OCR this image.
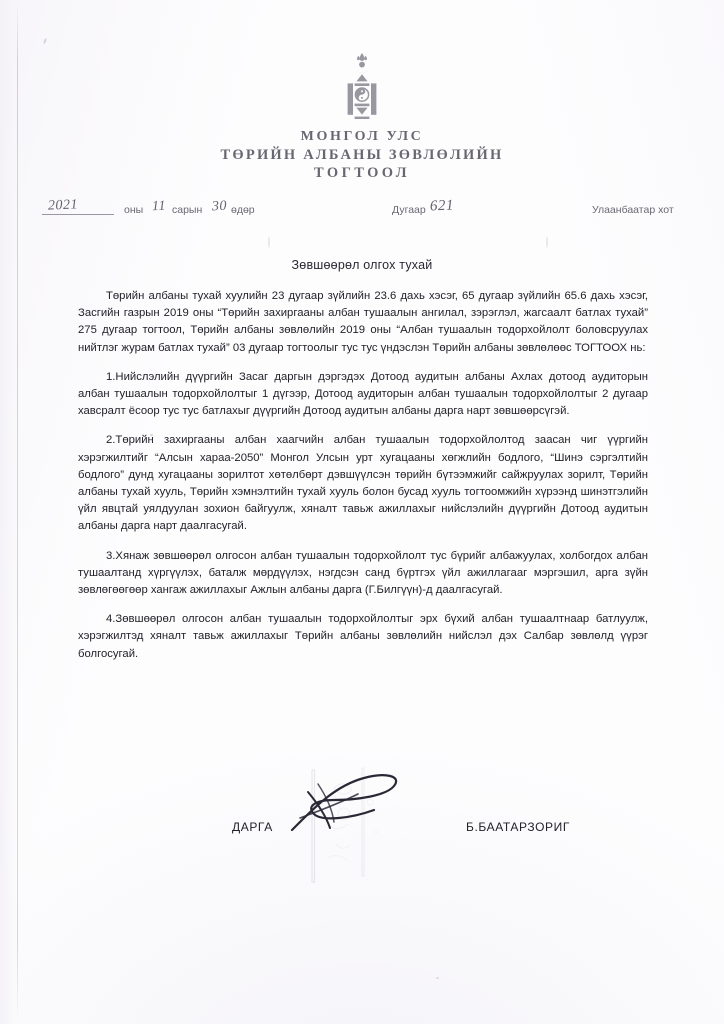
МОНГОЛ УЛС
ТӨРИЙН АЛБАНЫ ЗӨВЛӨЛИЙН
ТОГТООЛ
2021	оны 11 сарын 30 өдөр	Дугаар 621	Улаанбаатар хот
Зөвшөөрөл олгох тухай

Төрийн албаны тухай хуулийн 23 дугаар зүйлийн 23.6 дахь хэсэг, 65 дугаар зүйлийн 65.6 дахь хэсэг, Засгийн газрын 2019 оны “Төрийн захиргааны албан тушаалын ангилал, зэрэглэл, жагсаалт батлах тухай” 275 дугаар тогтоол, Төрийн албаны зөвлөлийн 2019 оны “Албан тушаалын тодорхойлолт боловсруулах нийтлэг журам батлах тухай” 03 дугаар тогтоолыг тус тус үндэслэн Төрийн албаны зөвлөлөөс ТОГТООХ нь:

1.Нийслэлийн дүүргийн Засаг даргын дэргэдэх Дотоод аудитын албаны Ахлах дотоод аудиторын албан тушаалын тодорхойлолтыг 1 дүгээр, Дотоод аудиторын албан тушаалын тодорхойлолтыг 2 дугаар хавсралт ёсоор тус тус батлахыг дүүргийн Дотоод аудитын албаны дарга нарт зөвшөөрсүгэй.

2.Төрийн захиргааны албан хаагчийн албан тушаалын тодорхойлолтод заасан чиг үүргийн хэрэгжилтийг “Алсын хараа-2050” Монгол Улсын урт хугацааны хөгжлийн бодлого, “Шинэ сэргэлтийн бодлого” дунд хугацааны зорилтот хөтөлбөрт дэвшүүлсэн төрийн бүтээмжийг сайжруулах зорилт, Төрийн албаны тухай хууль, Төрийн хэмнэлтийн тухай хууль болон бусад хууль тогтоомжийн хүрээнд шинэтгэлийн үйл явцтай уялдуулан зохион байгуулж, хяналт тавьж ажиллахыг нийслэлийн дүүргийн Дотоод аудитын албаны дарга нарт даалгасугай.

3.Хянаж зөвшөөрөл олгосон албан тушаалын тодорхойлолт тус бүрийг албажуулах, холбогдох албан тушаалтанд хүргүүлэх, баталж мөрдүүлэх, нэгдсэн санд бүртгэх үйл ажиллагааг мэргэшил, арга зүйн зөвлөгөөгөөр хангаж ажиллахыг Ажлын албаны дарга (Г.Билгүүн)-д даалгасугай.

4.Зөвшөөрөл олгосон албан тушаалын тодорхойлолтыг эрх бүхий албан тушаалтнаар батлуулж, хэрэгжилтэд хяналт тавьж ажиллахыг Төрийн албаны зөвлөлийн нийслэл дэх Салбар зөвлөлд үүрэг болгосугай.

ДАРГА	Б.БААТАРЗОРИГ
